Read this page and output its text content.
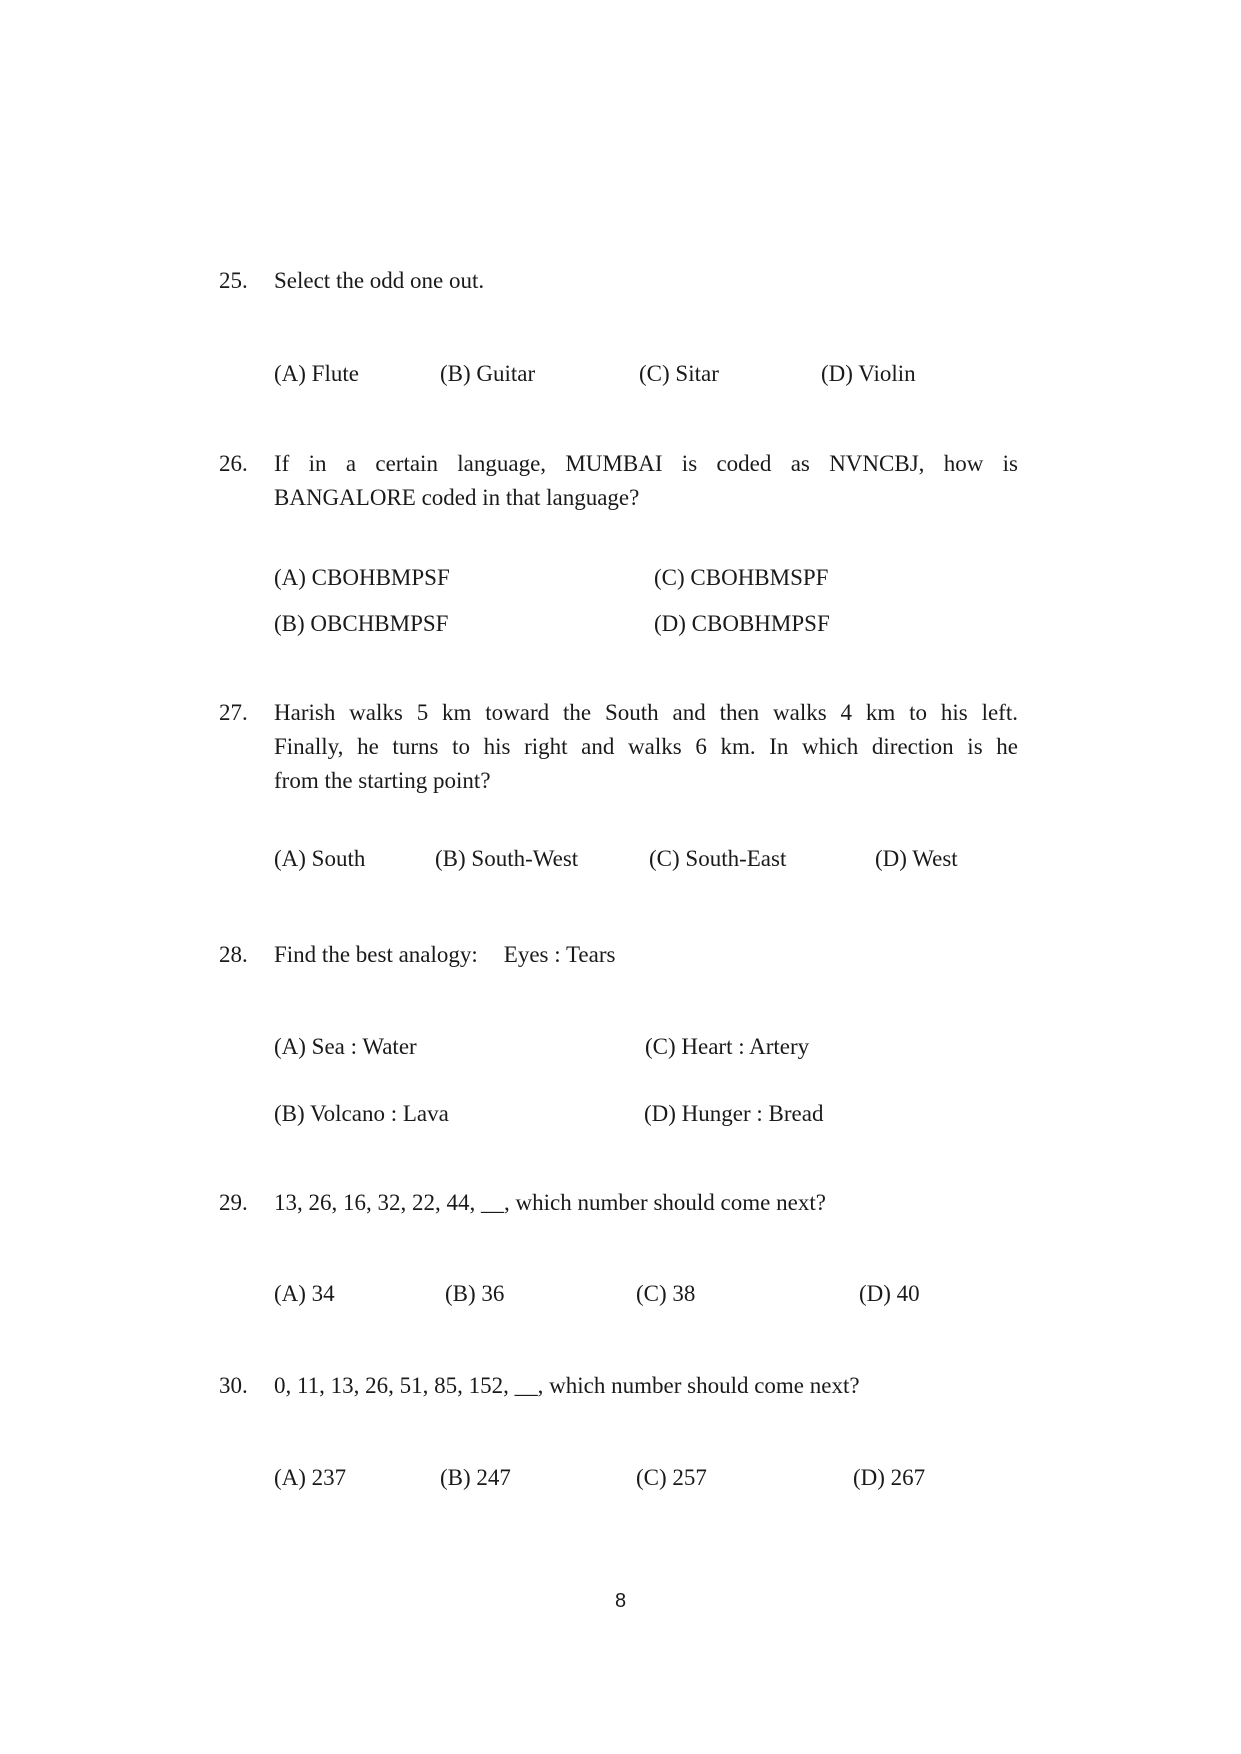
25. Select the odd one out.
(A) Flute	(B) Guitar	(C) Sitar	(D) Violin
26. If in a certain language, MUMBAI is coded as NVNCBJ, how is
BANGALORE coded in that language?
(A) CBOHBMPSF	(C) CBOHBMSPF
(B) OBCHBMPSF	(D) CBOBHMPSF
27. Harish walks 5 km toward the South and then walks 4 km to his left.
Finally, he turns to his right and walks 6 km. In which direction is he
from the starting point?
(A) South	(B) South-West	(C) South-East	(D) West
28. Find the best analogy: Eyes : Tears
(A) Sea : Water	(C) Heart : Artery
(B) Volcano : Lava	(D) Hunger : Bread
29. 13, 26, 16, 32, 22, 44, __, which number should come next?
(A) 34	(B) 36	(C) 38	(D) 40
30. 0, 11, 13, 26, 51, 85, 152, __, which number should come next?
(A) 237	(B) 247	(C) 257	(D) 267
8
